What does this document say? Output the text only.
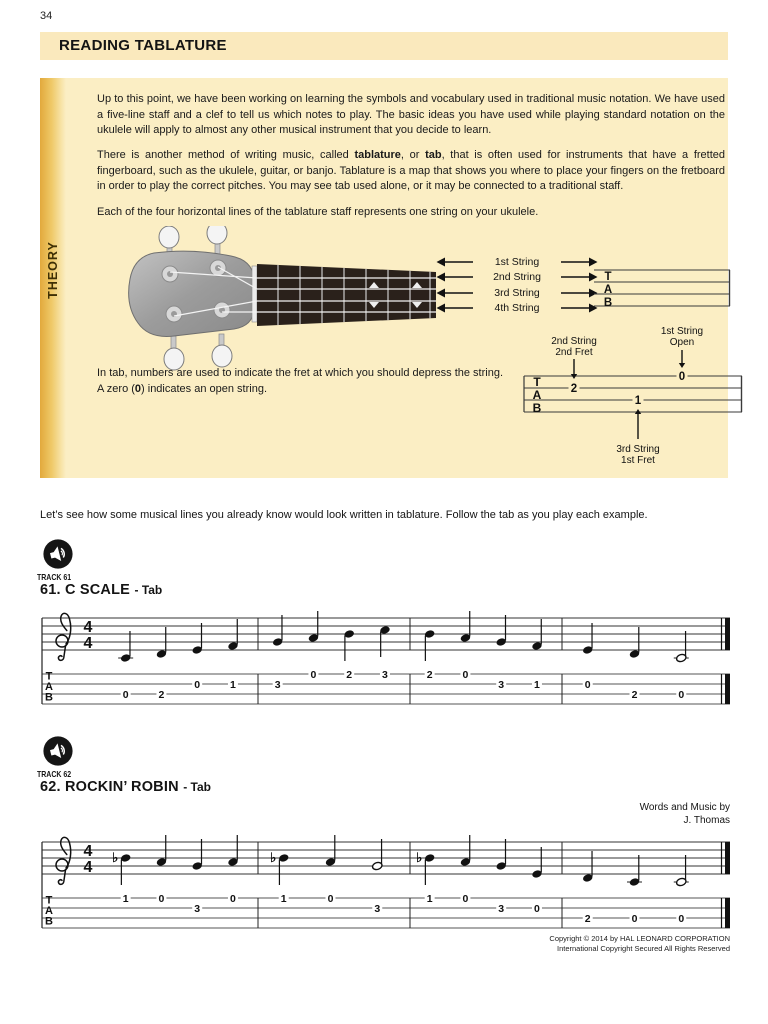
34
READING TABLATURE
THEORY
Up to this point, we have been working on learning the symbols and vocabulary used in traditional music notation. We have used a five-line staff and a clef to tell us which notes to play. The basic ideas you have used while playing standard notation on the ukulele will apply to almost any other musical instrument that you decide to learn.
There is another method of writing music, called tablature, or tab, that is often used for instruments that have a fretted fingerboard, such as the ukulele, guitar, or banjo. Tablature is a map that shows you where to place your fingers on the fretboard in order to play the correct pitches. You may see tab used alone, or it may be connected to a traditional staff.
Each of the four horizontal lines of the tablature staff represents one string on your ukulele.
1st String
2nd String
3rd String
4th String
T
A
B
In tab, numbers are used to indicate the fret at which you should depress the string.
A zero (0) indicates an open string.	T
A
B
2
2nd String
2nd Fret
0
1st String
Open
1
3rd String
1st Fret
Let’s see how some musical lines you already know would look written in tablature. Follow the tab as you play each example.
TRACK 61
61. C SCALE - Tab
4
4
T
A
B	0	2
0	1	3
0	2	3	2	0
3	1	0
2	0
TRACK 62
62. ROCKIN’ ROBIN - Tab
Words and Music by
J. Thomas
4
4
T
A
B
♭	♭	♭
1	0
3
0	1	0
3
1	0
3	0
2	0	0
Copyright © 2014 by HAL LEONARD CORPORATION
International Copyright Secured All Rights Reserved
